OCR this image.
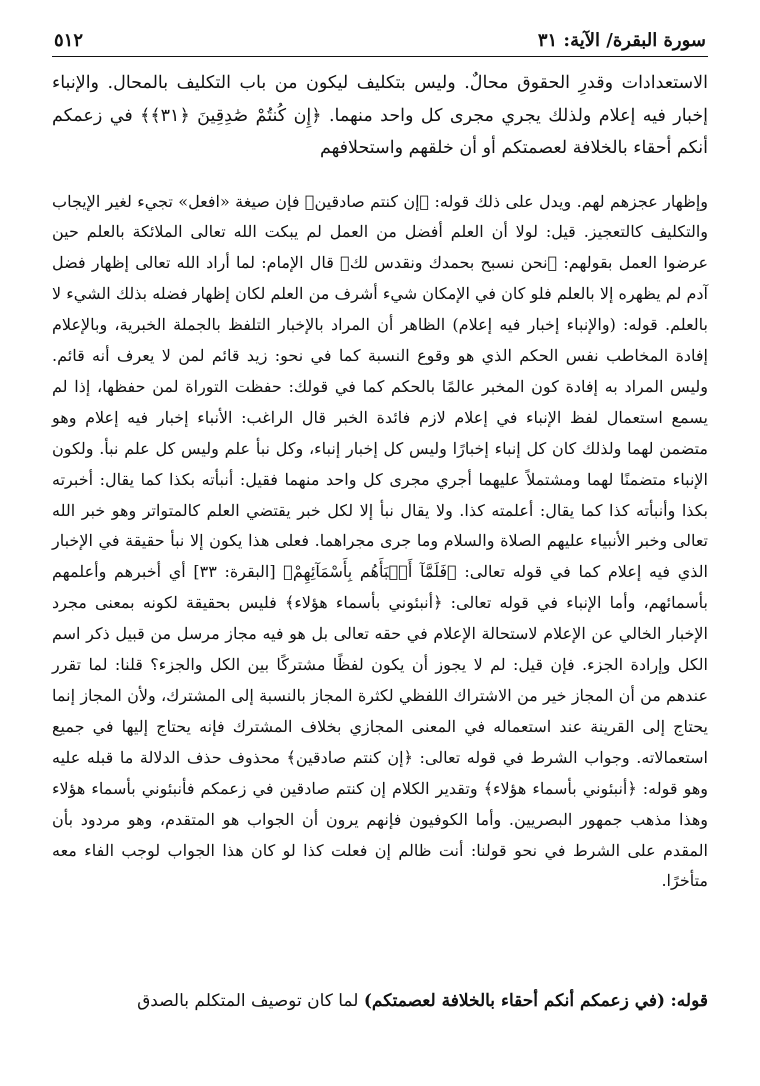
سورة البقرة/ الآية: ٣١
٥١٢

الاستعدادات وقدرِ الحقوق محالٌ. وليس بتكليف ليكون من باب التكليف بالمحال. والإنباء إخبار فيه إعلام ولذلك يجري مجرى كل واحد منهما. ﴿إِن كُنتُمْ صَٰدِقِينَ ﴿٣١﴾﴾ في زعمكم أنكم أحقاء بالخلافة لعصمتكم أو أن خلقهم واستحلافهم

وإظهار عجزهم لهم. ويدل على ذلك قوله: ﴿إن كنتم صادقين﴾ فإن صيغة «افعل» تجيء لغير الإيجاب والتكليف كالتعجيز. قيل: لولا أن العلم أفضل من العمل لم يبكت الله تعالى الملائكة بالعلم حين عرضوا العمل بقولهم: ﴿نحن نسبح بحمدك ونقدس لك﴾ قال الإمام: لما أراد الله تعالى إظهار فضل آدم لم يظهره إلا بالعلم فلو كان في الإمكان شيء أشرف من العلم لكان إظهار فضله بذلك الشيء لا بالعلم. قوله: (والإنباء إخبار فيه إعلام) الظاهر أن المراد بالإخبار التلفظ بالجملة الخبرية، وبالإعلام إفادة المخاطب نفس الحكم الذي هو وقوع النسبة كما في نحو: زيد قائم لمن لا يعرف أنه قائم. وليس المراد به إفادة كون المخبر عالمًا بالحكم كما في قولك: حفظت التوراة لمن حفظها، إذا لم يسمع استعمال لفظ الإنباء في إعلام لازم فائدة الخبر قال الراغب: الأنباء إخبار فيه إعلام وهو متضمن لهما ولذلك كان كل إنباء إخبارًا وليس كل إخبار إنباء، وكل نبأ علم وليس كل علم نبأ. ولكون الإنباء متضمنًا لهما ومشتملاً عليهما أجري مجرى كل واحد منهما فقيل: أنبأته بكذا كما يقال: أخبرته بكذا وأنبأته كذا كما يقال: أعلمته كذا. ولا يقال نبأ إلا لكل خبر يقتضي العلم كالمتواتر وهو خبر الله تعالى وخبر الأنبياء عليهم الصلاة والسلام وما جرى مجراهما. فعلى هذا يكون إلا نبأ حقيقة في الإخبار الذي فيه إعلام كما في قوله تعالى: ﴿فَلَمَّآ أَنۢبَأَهُم بِأَسْمَآئِهِمْ﴾ [البقرة: ٣٣] أي أخبرهم وأعلمهم بأسمائهم، وأما الإنباء في قوله تعالى: ﴿أنبئوني بأسماء هؤلاء﴾ فليس بحقيقة لكونه بمعنى مجرد الإخبار الخالي عن الإعلام لاستحالة الإعلام في حقه تعالى بل هو فيه مجاز مرسل من قبيل ذكر اسم الكل وإرادة الجزء. فإن قيل: لم لا يجوز أن يكون لفظًا مشتركًا بين الكل والجزء؟ قلنا: لما تقرر عندهم من أن المجاز خير من الاشتراك اللفظي لكثرة المجاز بالنسبة إلى المشترك، ولأن المجاز إنما يحتاج إلى القرينة عند استعماله في المعنى المجازي بخلاف المشترك فإنه يحتاج إليها في جميع استعمالاته. وجواب الشرط في قوله تعالى: ﴿إن كنتم صادقين﴾ محذوف حذف الدلالة ما قبله عليه وهو قوله: ﴿أنبئوني بأسماء هؤلاء﴾ وتقدير الكلام إن كنتم صادقين في زعمكم فأنبئوني بأسماء هؤلاء وهذا مذهب جمهور البصريين. وأما الكوفيون فإنهم يرون أن الجواب هو المتقدم، وهو مردود بأن المقدم على الشرط في نحو قولنا: أنت ظالم إن فعلت كذا لو كان هذا الجواب لوجب الفاء معه متأخرًا.

قوله: (في زعمكم أنكم أحقاء بالخلافة لعصمتكم) لما كان توصيف المتكلم بالصدق
